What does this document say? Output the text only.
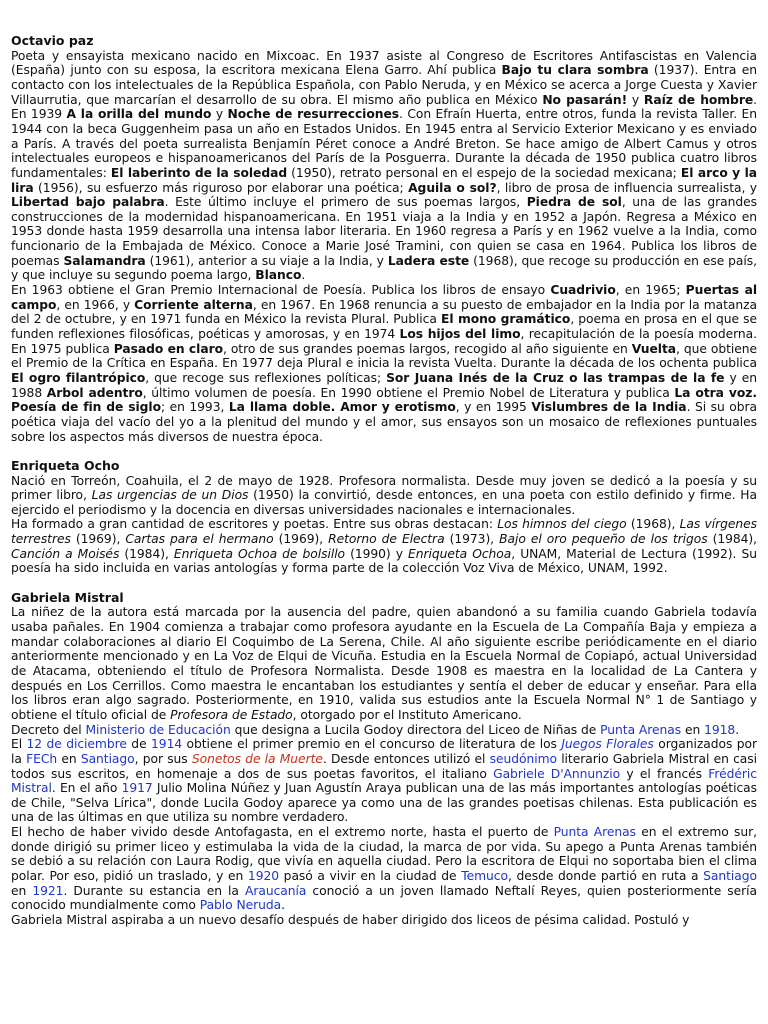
Octavio paz

Poeta y ensayista mexicano nacido en Mixcoac. En 1937 asiste al Congreso de Escritores Antifascistas en Valencia (España) junto con su esposa, la escritora mexicana Elena Garro. Ahí publica Bajo tu clara sombra (1937). Entra en contacto con los intelectuales de la República Española, con Pablo Neruda, y en México se acerca a Jorge Cuesta y Xavier Villaurrutia, que marcarían el desarrollo de su obra. El mismo año publica en México No pasarán! y Raíz de hombre. En 1939 A la orilla del mundo y Noche de resurrecciones. Con Efraín Huerta, entre otros, funda la revista Taller. En 1944 con la beca Guggenheim pasa un año en Estados Unidos. En 1945 entra al Servicio Exterior Mexicano y es enviado a París. A través del poeta surrealista Benjamín Péret conoce a André Breton. Se hace amigo de Albert Camus y otros intelectuales europeos e hispanoamericanos del París de la Posguerra. Durante la década de 1950 publica cuatro libros fundamentales: El laberinto de la soledad (1950), retrato personal en el espejo de la sociedad mexicana; El arco y la lira (1956), su esfuerzo más riguroso por elaborar una poética; Aguila o sol?, libro de prosa de influencia surrealista, y Libertad bajo palabra. Este último incluye el primero de sus poemas largos, Piedra de sol, una de las grandes construcciones de la modernidad hispanoamericana. En 1951 viaja a la India y en 1952 a Japón. Regresa a México en 1953 donde hasta 1959 desarrolla una intensa labor literaria. En 1960 regresa a París y en 1962 vuelve a la India, como funcionario de la Embajada de México. Conoce a Marie José Tramini, con quien se casa en 1964. Publica los libros de poemas Salamandra (1961), anterior a su viaje a la India, y Ladera este (1968), que recoge su producción en ese país, y que incluye su segundo poema largo, Blanco.

En 1963 obtiene el Gran Premio Internacional de Poesía. Publica los libros de ensayo Cuadrivio, en 1965; Puertas al campo, en 1966, y Corriente alterna, en 1967. En 1968 renuncia a su puesto de embajador en la India por la matanza del 2 de octubre, y en 1971 funda en México la revista Plural. Publica El mono gramático, poema en prosa en el que se funden reflexiones filosóficas, poéticas y amorosas, y en 1974 Los hijos del limo, recapitulación de la poesía moderna. En 1975 publica Pasado en claro, otro de sus grandes poemas largos, recogido al año siguiente en Vuelta, que obtiene el Premio de la Crítica en España. En 1977 deja Plural e inicia la revista Vuelta. Durante la década de los ochenta publica El ogro filantrópico, que recoge sus reflexiones políticas; Sor Juana Inés de la Cruz o las trampas de la fe y en 1988 Arbol adentro, último volumen de poesía. En 1990 obtiene el Premio Nobel de Literatura y publica La otra voz. Poesía de fin de siglo; en 1993, La llama doble. Amor y erotismo, y en 1995 Vislumbres de la India. Si su obra poética viaja del vacío del yo a la plenitud del mundo y el amor, sus ensayos son un mosaico de reflexiones puntuales sobre los aspectos más diversos de nuestra época.

Enriqueta Ocho

Nació en Torreón, Coahuila, el 2 de mayo de 1928. Profesora normalista. Desde muy joven se dedicó a la poesía y su primer libro, Las urgencias de un Dios (1950) la convirtió, desde entonces, en una poeta con estilo definido y firme. Ha ejercido el periodismo y la docencia en diversas universidades nacionales e internacionales.

Ha formado a gran cantidad de escritores y poetas. Entre sus obras destacan: Los himnos del ciego (1968), Las vírgenes terrestres (1969), Cartas para el hermano (1969), Retorno de Electra (1973), Bajo el oro pequeño de los trigos (1984), Canción a Moisés (1984), Enriqueta Ochoa de bolsillo (1990) y Enriqueta Ochoa, UNAM, Material de Lectura (1992). Su poesía ha sido incluida en varias antologías y forma parte de la colección Voz Viva de México, UNAM, 1992.

Gabriela Mistral

La niñez de la autora está marcada por la ausencia del padre, quien abandonó a su familia cuando Gabriela todavía usaba pañales. En 1904 comienza a trabajar como profesora ayudante en la Escuela de La Compañía Baja y empieza a mandar colaboraciones al diario El Coquimbo de La Serena, Chile. Al año siguiente escribe periódicamente en el diario anteriormente mencionado y en La Voz de Elqui de Vicuña. Estudia en la Escuela Normal de Copiapó, actual Universidad de Atacama, obteniendo el título de Profesora Normalista. Desde 1908 es maestra en la localidad de La Cantera y después en Los Cerrillos. Como maestra le encantaban los estudiantes y sentía el deber de educar y enseñar. Para ella los libros eran algo sagrado. Posteriormente, en 1910, valida sus estudios ante la Escuela Normal N° 1 de Santiago y obtiene el título oficial de Profesora de Estado, otorgado por el Instituto Americano.

Decreto del Ministerio de Educación que designa a Lucila Godoy directora del Liceo de Niñas de Punta Arenas en 1918.

El 12 de diciembre de 1914 obtiene el primer premio en el concurso de literatura de los Juegos Florales organizados por la FECh en Santiago, por sus Sonetos de la Muerte. Desde entonces utilizó el seudónimo literario Gabriela Mistral en casi todos sus escritos, en homenaje a dos de sus poetas favoritos, el italiano Gabriele D'Annunzio y el francés Frédéric Mistral. En el año 1917 Julio Molina Núñez y Juan Agustín Araya publican una de las más importantes antologías poéticas de Chile, "Selva Lírica", donde Lucila Godoy aparece ya como una de las grandes poetisas chilenas. Esta publicación es una de las últimas en que utiliza su nombre verdadero.

El hecho de haber vivido desde Antofagasta, en el extremo norte, hasta el puerto de Punta Arenas en el extremo sur, donde dirigió su primer liceo y estimulaba la vida de la ciudad, la marca de por vida. Su apego a Punta Arenas también se debió a su relación con Laura Rodig, que vivía en aquella ciudad. Pero la escritora de Elqui no soportaba bien el clima polar. Por eso, pidió un traslado, y en 1920 pasó a vivir en la ciudad de Temuco, desde donde partió en ruta a Santiago en 1921. Durante su estancia en la Araucanía conoció a un joven llamado Neftalí Reyes, quien posteriormente sería conocido mundialmente como Pablo Neruda.

Gabriela Mistral aspiraba a un nuevo desafío después de haber dirigido dos liceos de pésima calidad. Postuló y
